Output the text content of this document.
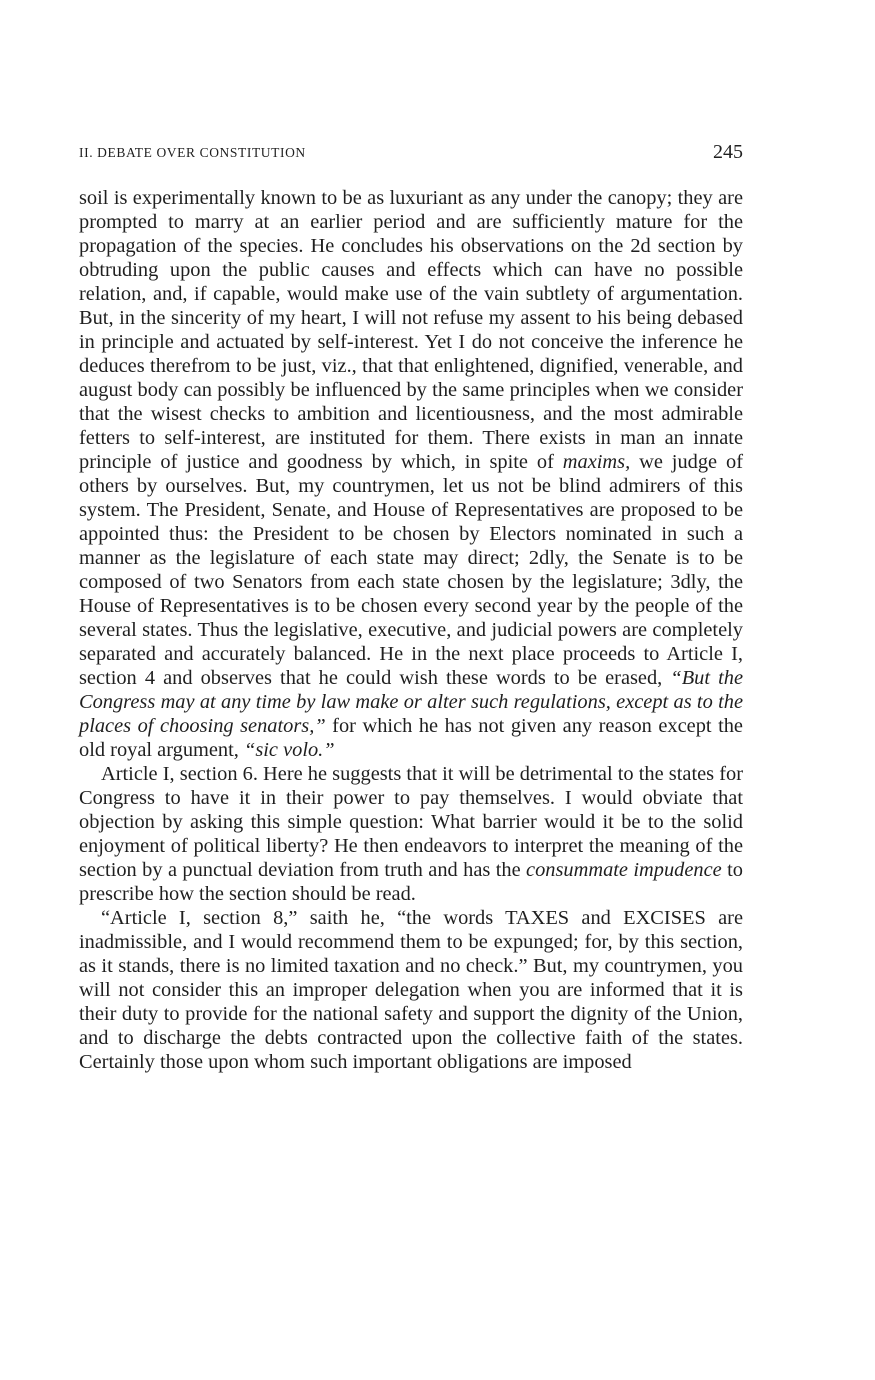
II. DEBATE OVER CONSTITUTION	245

soil is experimentally known to be as luxuriant as any under the canopy; they are prompted to marry at an earlier period and are sufficiently mature for the propagation of the species. He concludes his observations on the 2d section by obtruding upon the public causes and effects which can have no possible relation, and, if capable, would make use of the vain subtlety of argumentation. But, in the sincerity of my heart, I will not refuse my assent to his being debased in principle and actuated by self-interest. Yet I do not conceive the inference he deduces therefrom to be just, viz., that that enlightened, dignified, venerable, and august body can possibly be influenced by the same principles when we consider that the wisest checks to ambition and licentiousness, and the most admirable fetters to self-interest, are instituted for them. There exists in man an innate principle of justice and goodness by which, in spite of maxims, we judge of others by ourselves. But, my countrymen, let us not be blind admirers of this system. The President, Senate, and House of Representatives are proposed to be appointed thus: the President to be chosen by Electors nominated in such a manner as the legislature of each state may direct; 2dly, the Senate is to be composed of two Senators from each state chosen by the legislature; 3dly, the House of Representatives is to be chosen every second year by the people of the several states. Thus the legislative, executive, and judicial powers are completely separated and accurately balanced. He in the next place proceeds to Article I, section 4 and observes that he could wish these words to be erased, “But the Congress may at any time by law make or alter such regulations, except as to the places of choosing senators,” for which he has not given any reason except the old royal argument, “sic volo.”

Article I, section 6. Here he suggests that it will be detrimental to the states for Congress to have it in their power to pay themselves. I would obviate that objection by asking this simple question: What barrier would it be to the solid enjoyment of political liberty? He then endeavors to interpret the meaning of the section by a punctual deviation from truth and has the consummate impudence to prescribe how the section should be read.

“Article I, section 8,” saith he, “the words TAXES and EXCISES are inadmissible, and I would recommend them to be expunged; for, by this section, as it stands, there is no limited taxation and no check.” But, my countrymen, you will not consider this an improper delegation when you are informed that it is their duty to provide for the national safety and support the dignity of the Union, and to discharge the debts contracted upon the collective faith of the states. Certainly those upon whom such important obligations are imposed
